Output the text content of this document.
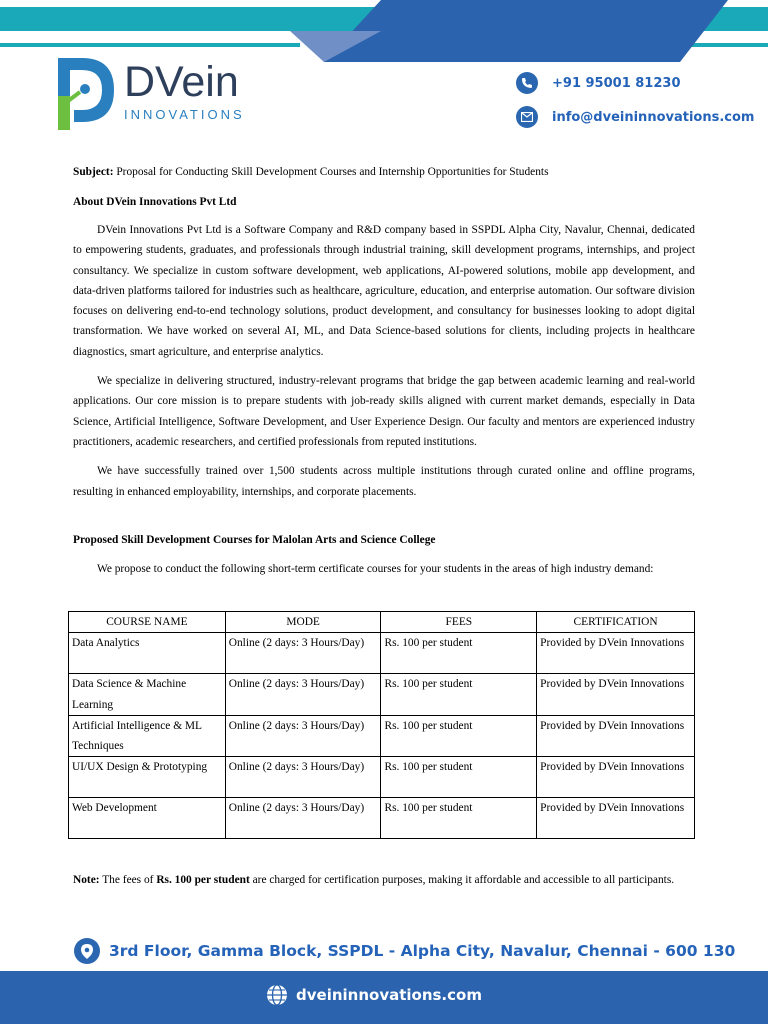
DVein
INNOVATIONS
+91 95001 81230
info@dveininnovations.com
Subject: Proposal for Conducting Skill Development Courses and Internship Opportunities for Students
About DVein Innovations Pvt Ltd

DVein Innovations Pvt Ltd is a Software Company and R&D company based in SSPDL Alpha City, Navalur, Chennai, dedicated to empowering students, graduates, and professionals through industrial training, skill development programs, internships, and project consultancy. We specialize in custom software development, web applications, AI-powered solutions, mobile app development, and data-driven platforms tailored for industries such as healthcare, agriculture, education, and enterprise automation. Our software division focuses on delivering end-to-end technology solutions, product development, and consultancy for businesses looking to adopt digital transformation. We have worked on several AI, ML, and Data Science-based solutions for clients, including projects in healthcare diagnostics, smart agriculture, and enterprise analytics.

We specialize in delivering structured, industry-relevant programs that bridge the gap between academic learning and real-world applications. Our core mission is to prepare students with job-ready skills aligned with current market demands, especially in Data Science, Artificial Intelligence, Software Development, and User Experience Design. Our faculty and mentors are experienced industry practitioners, academic researchers, and certified professionals from reputed institutions.

We have successfully trained over 1,500 students across multiple institutions through curated online and offline programs, resulting in enhanced employability, internships, and corporate placements.

Proposed Skill Development Courses for Malolan Arts and Science College

We propose to conduct the following short-term certificate courses for your students in the areas of high industry demand:

COURSE NAME	MODE	FEES	CERTIFICATION
Data Analytics	Online (2 days: 3 Hours/Day)	Rs. 100 per student	Provided by DVein Innovations
Data Science & Machine Learning	Online (2 days: 3 Hours/Day)	Rs. 100 per student	Provided by DVein Innovations
Artificial Intelligence & ML Techniques	Online (2 days: 3 Hours/Day)	Rs. 100 per student	Provided by DVein Innovations
UI/UX Design & Prototyping	Online (2 days: 3 Hours/Day)	Rs. 100 per student	Provided by DVein Innovations
Web Development	Online (2 days: 3 Hours/Day)	Rs. 100 per student	Provided by DVein Innovations

Note: The fees of Rs. 100 per student are charged for certification purposes, making it affordable and accessible to all participants.

3rd Floor, Gamma Block, SSPDL - Alpha City, Navalur, Chennai - 600 130
dveininnovations.com
